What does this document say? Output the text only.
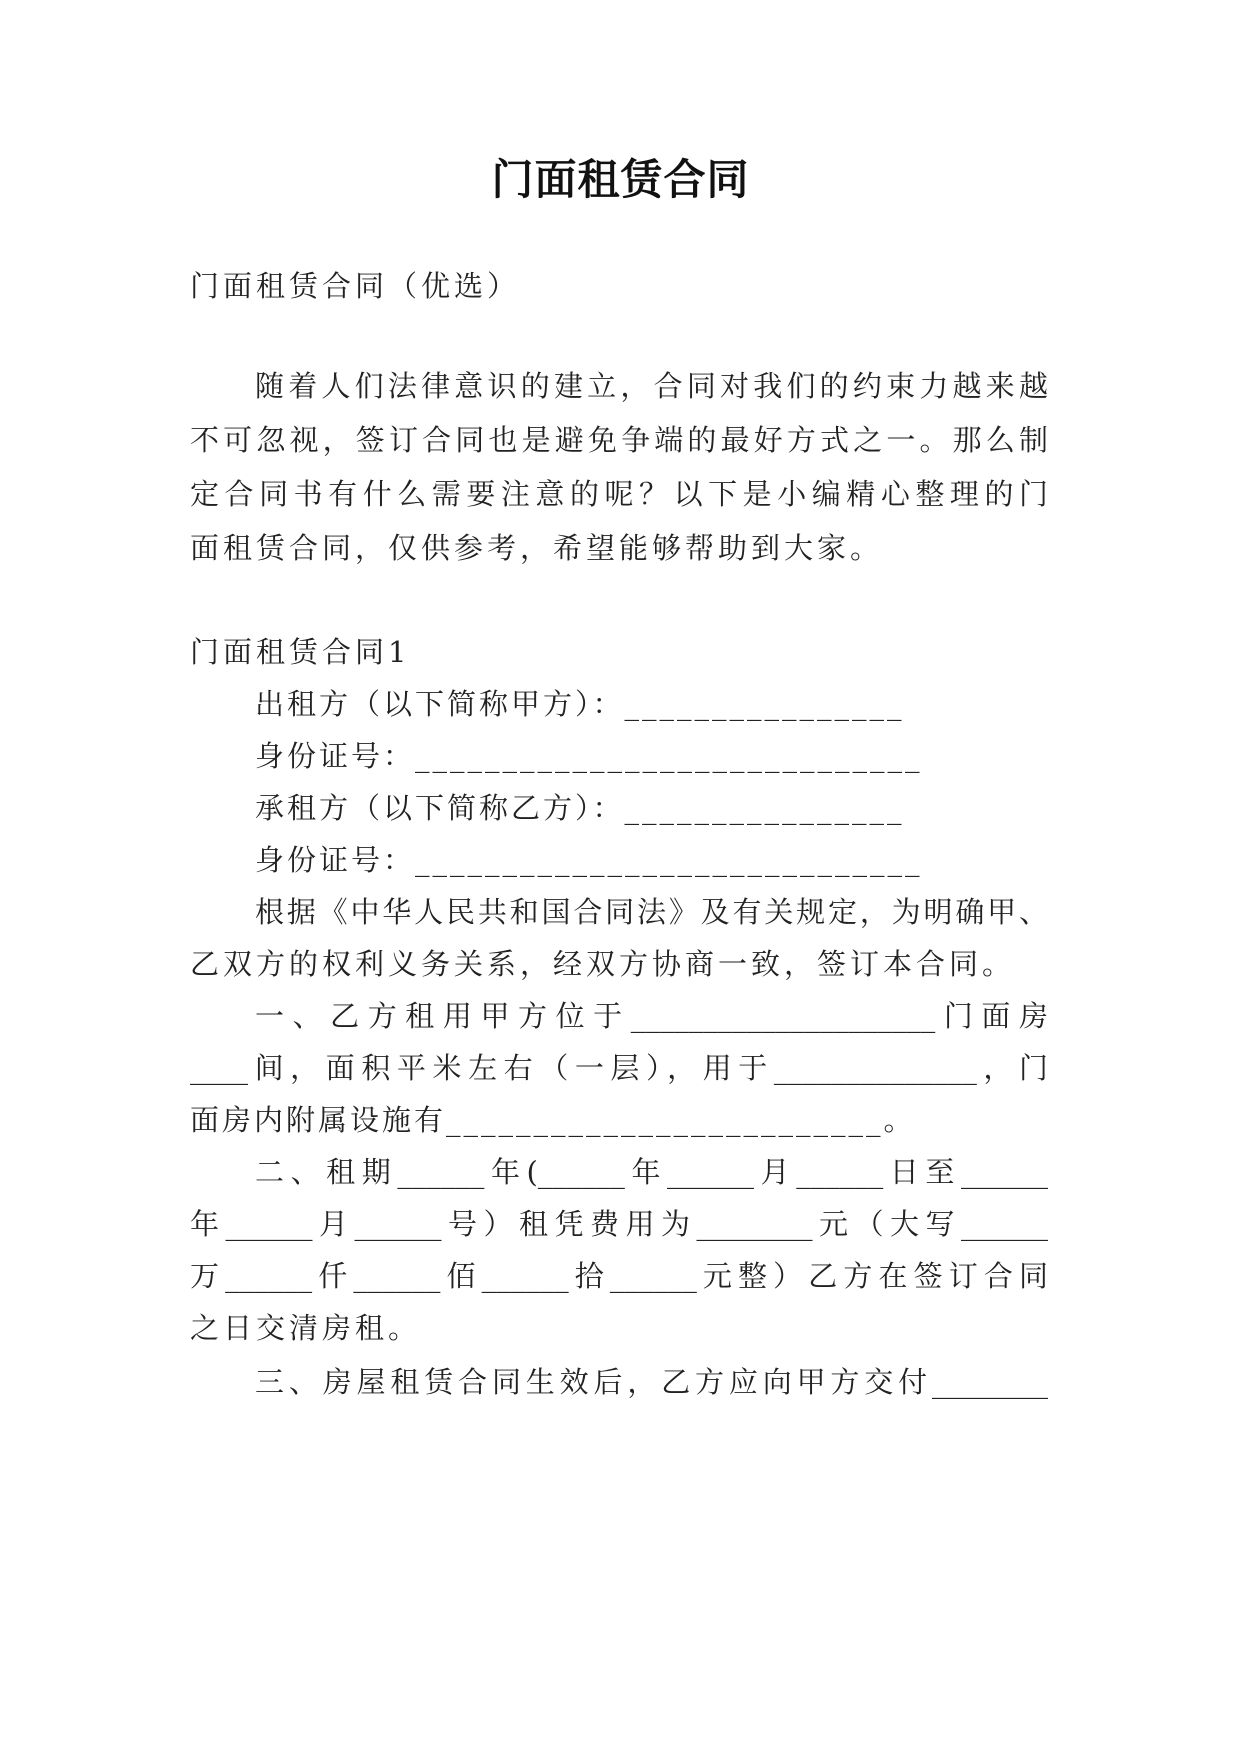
门面租赁合同
门面租赁合同（优选）
随着人们法律意识的建立，合同对我们的约束力越来越
不可忽视，签订合同也是避免争端的最好方式之一。那么制
定合同书有什么需要注意的呢？以下是小编精心整理的门
面租赁合同，仅供参考，希望能够帮助到大家。
门面租赁合同1
出租方（以下简称甲方）：________________
身份证号：_____________________________
承租方（以下简称乙方）：________________
身份证号：_____________________________
根据《中华人民共和国合同法》及有关规定，为明确甲、
乙双方的权利义务关系，经双方协商一致，签订本合同。
一、乙方租用甲方位于_____________________门面房
____间，面积平米左右（一层），用于______________，门
面房内附属设施有_________________________。
二、租期______年(______年______月______日至______
年______月______号）租凭费用为________元（大写______
万______仟______佰______拾______元整）乙方在签订合同
之日交清房租。
三、房屋租赁合同生效后，乙方应向甲方交付________
